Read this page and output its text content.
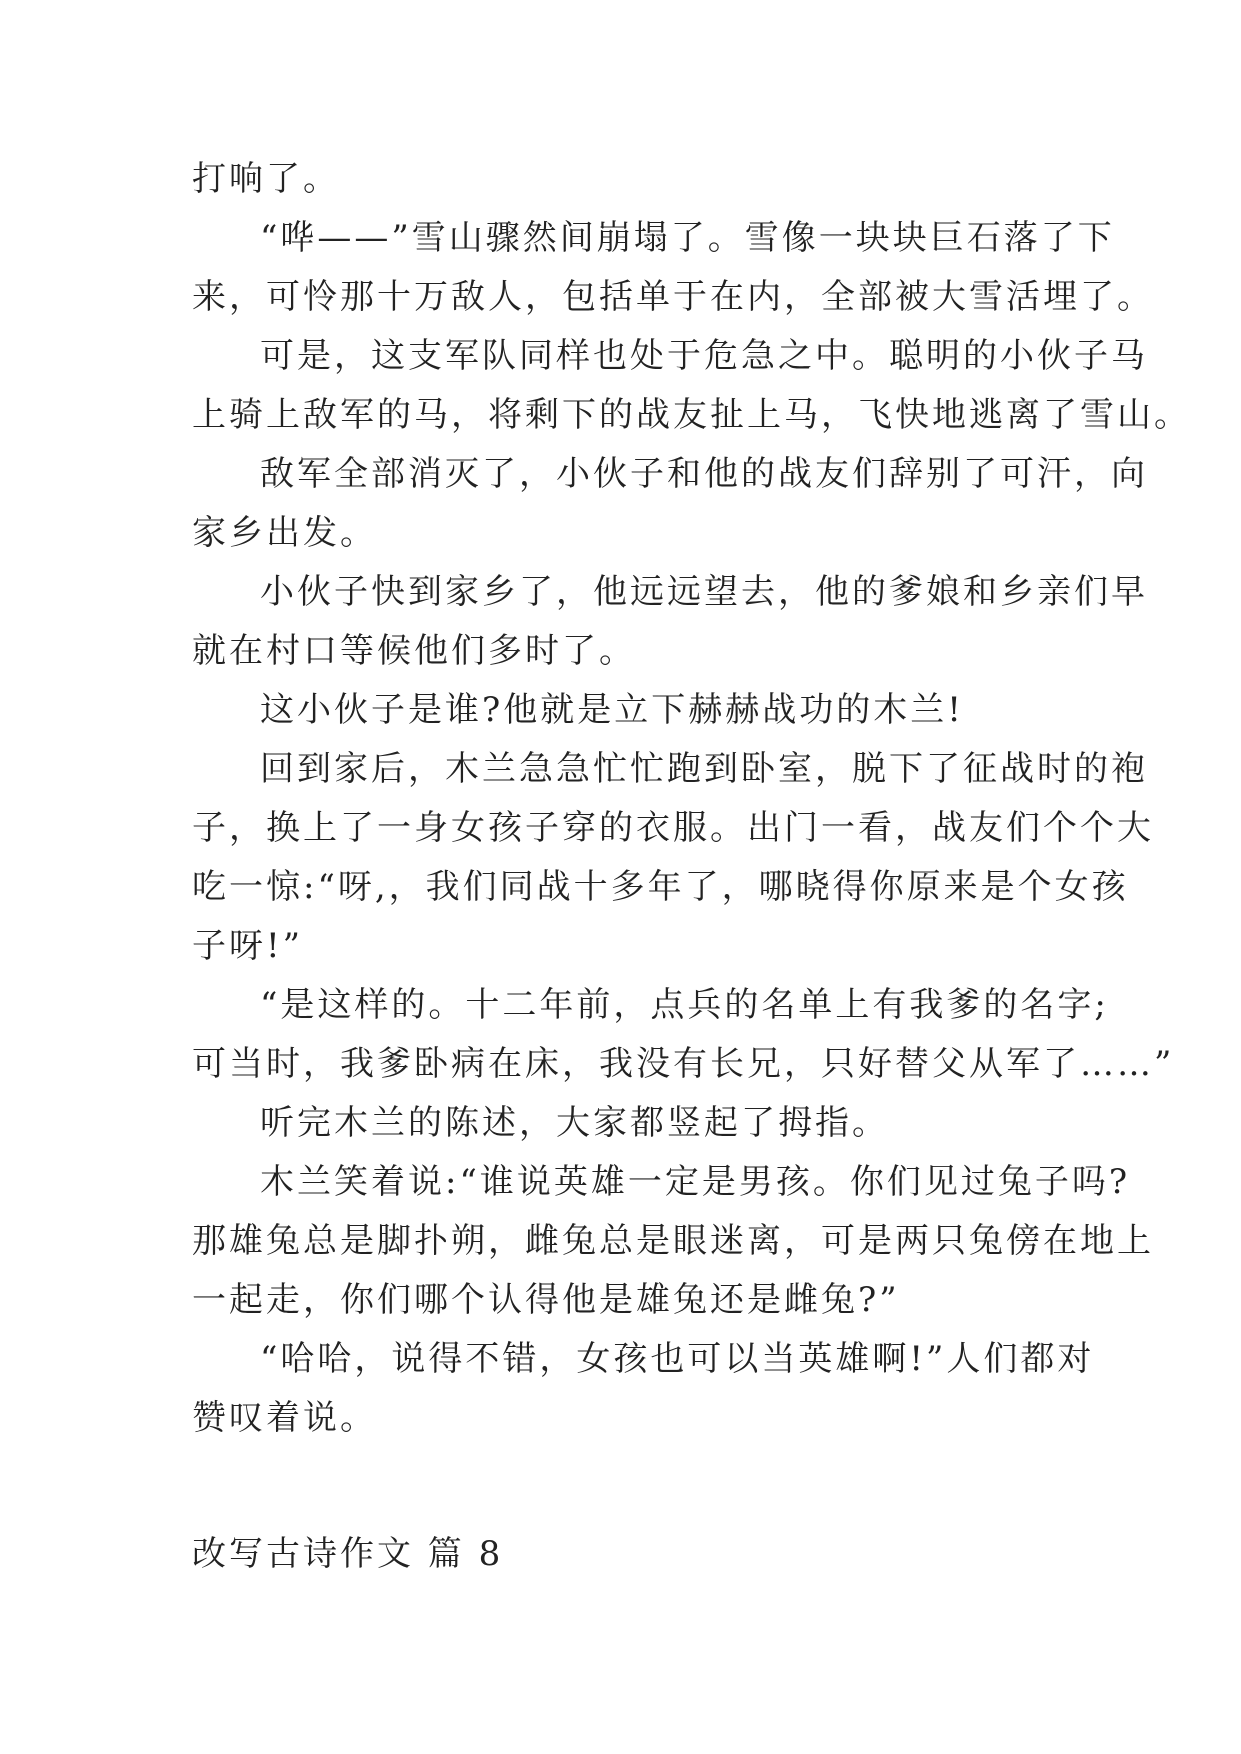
打响了。

“哗——”雪山骤然间崩塌了。雪像一块块巨石落了下
来，可怜那十万敌人，包括单于在内，全部被大雪活埋了。

可是，这支军队同样也处于危急之中。聪明的小伙子马
上骑上敌军的马，将剩下的战友扯上马，飞快地逃离了雪山。

敌军全部消灭了，小伙子和他的战友们辞别了可汗，向
家乡出发。

小伙子快到家乡了，他远远望去，他的爹娘和乡亲们早
就在村口等候他们多时了。

这小伙子是谁?他就是立下赫赫战功的木兰!

回到家后，木兰急急忙忙跑到卧室，脱下了征战时的袍
子，换上了一身女孩子穿的衣服。出门一看，战友们个个大
吃一惊:“呀,，我们同战十多年了，哪晓得你原来是个女孩
子呀!”

“是这样的。十二年前，点兵的名单上有我爹的名字;
可当时，我爹卧病在床，我没有长兄，只好替父从军了……”

听完木兰的陈述，大家都竖起了拇指。

木兰笑着说:“谁说英雄一定是男孩。你们见过兔子吗?
那雄兔总是脚扑朔，雌兔总是眼迷离，可是两只兔傍在地上
一起走，你们哪个认得他是雄兔还是雌兔?”

“哈哈，说得不错，女孩也可以当英雄啊!”人们都对
赞叹着说。

改写古诗作文 篇 8
